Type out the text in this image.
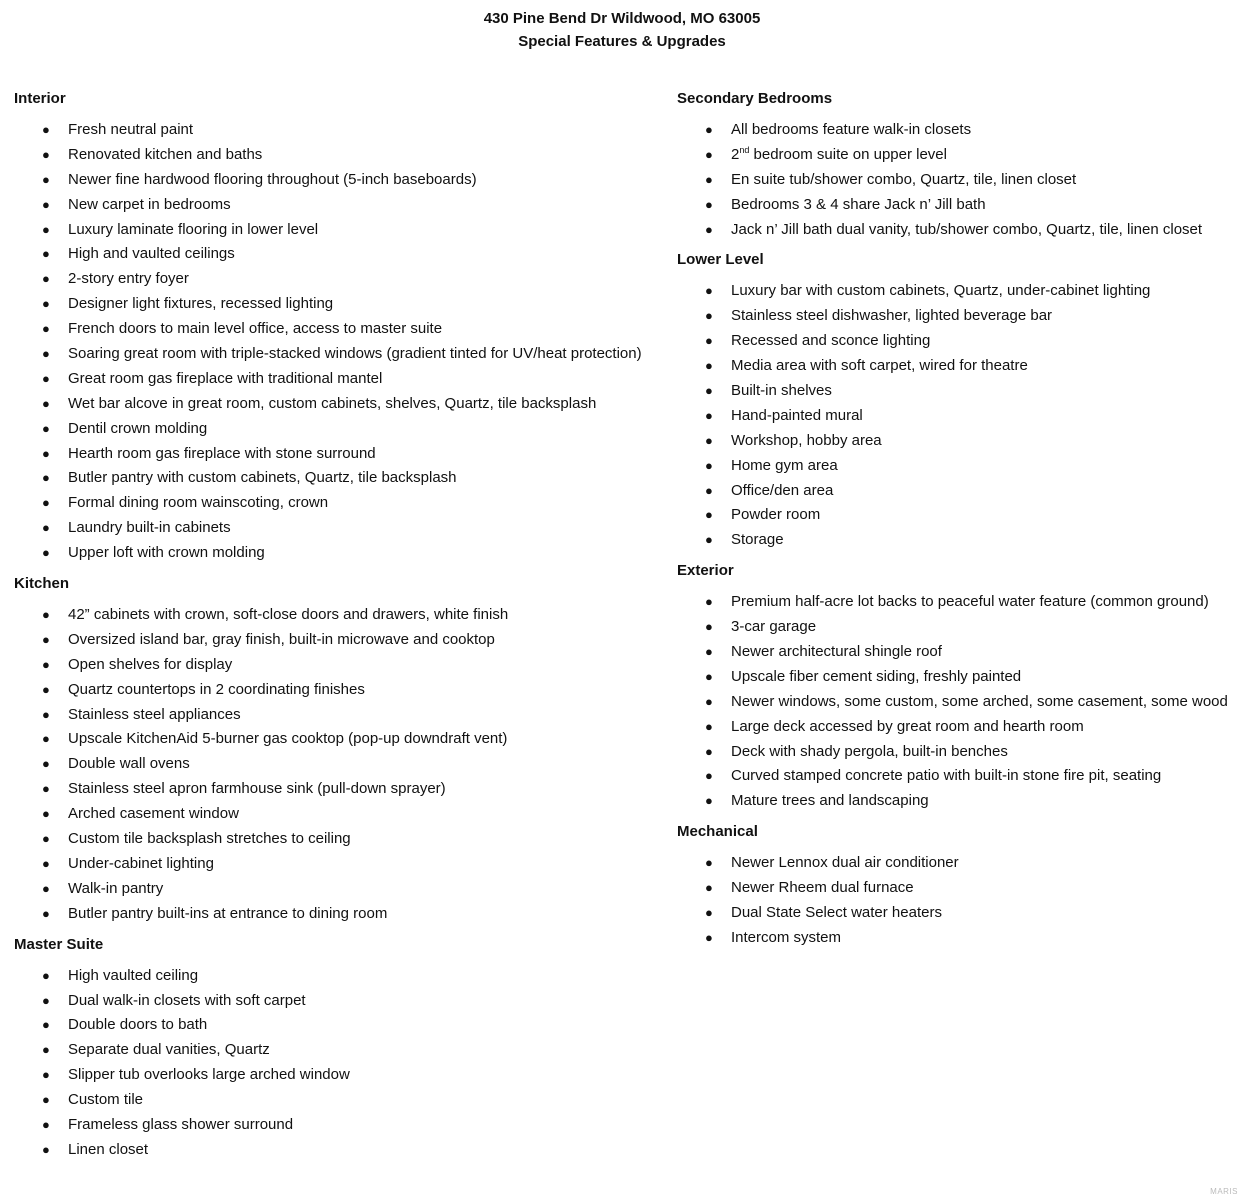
430 Pine Bend Dr Wildwood, MO 63005
Special Features & Upgrades
Interior
● Fresh neutral paint
● Renovated kitchen and baths
● Newer fine hardwood flooring throughout (5-inch baseboards)
● New carpet in bedrooms
● Luxury laminate flooring in lower level
● High and vaulted ceilings
● 2-story entry foyer
● Designer light fixtures, recessed lighting
● French doors to main level office, access to master suite
● Soaring great room with triple-stacked windows (gradient tinted for UV/heat protection)
● Great room gas fireplace with traditional mantel
● Wet bar alcove in great room, custom cabinets, shelves, Quartz, tile backsplash
● Dentil crown molding
● Hearth room gas fireplace with stone surround
● Butler pantry with custom cabinets, Quartz, tile backsplash
● Formal dining room wainscoting, crown
● Laundry built-in cabinets
● Upper loft with crown molding
Kitchen
● 42” cabinets with crown, soft-close doors and drawers, white finish
● Oversized island bar, gray finish, built-in microwave and cooktop
● Open shelves for display
● Quartz countertops in 2 coordinating finishes
● Stainless steel appliances
● Upscale KitchenAid 5-burner gas cooktop (pop-up downdraft vent)
● Double wall ovens
● Stainless steel apron farmhouse sink (pull-down sprayer)
● Arched casement window
● Custom tile backsplash stretches to ceiling
● Under-cabinet lighting
● Walk-in pantry
● Butler pantry built-ins at entrance to dining room
Master Suite
● High vaulted ceiling
● Dual walk-in closets with soft carpet
● Double doors to bath
● Separate dual vanities, Quartz
● Slipper tub overlooks large arched window
● Custom tile
● Frameless glass shower surround
● Linen closet
Secondary Bedrooms
● All bedrooms feature walk-in closets
● 2nd bedroom suite on upper level
● En suite tub/shower combo, Quartz, tile, linen closet
● Bedrooms 3 & 4 share Jack n’ Jill bath
● Jack n’ Jill bath dual vanity, tub/shower combo, Quartz, tile, linen closet
Lower Level
● Luxury bar with custom cabinets, Quartz, under-cabinet lighting
● Stainless steel dishwasher, lighted beverage bar
● Recessed and sconce lighting
● Media area with soft carpet, wired for theatre
● Built-in shelves
● Hand-painted mural
● Workshop, hobby area
● Home gym area
● Office/den area
● Powder room
● Storage
Exterior
● Premium half-acre lot backs to peaceful water feature (common ground)
● 3-car garage
● Newer architectural shingle roof
● Upscale fiber cement siding, freshly painted
● Newer windows, some custom, some arched, some casement, some wood
● Large deck accessed by great room and hearth room
● Deck with shady pergola, built-in benches
● Curved stamped concrete patio with built-in stone fire pit, seating
● Mature trees and landscaping
Mechanical
● Newer Lennox dual air conditioner
● Newer Rheem dual furnace
● Dual State Select water heaters
● Intercom system
MARIS
